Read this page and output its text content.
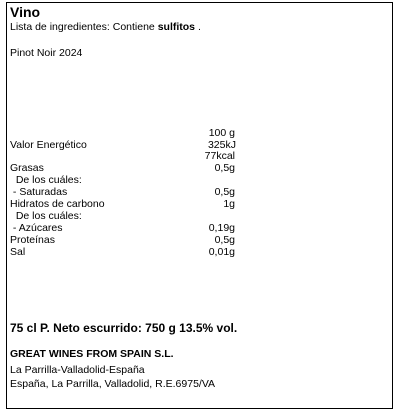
Vino
Lista de ingredientes: Contiene sulfitos .
Pinot Noir 2024
100 g
Valor Energético	325kJ
77kcal
Grasas	0,5g
De los cuáles:
- Saturadas	0,5g
Hidratos de carbono	1g
De los cuáles:
- Azúcares	0,19g
Proteínas	0,5g
Sal	0,01g
75 cl P. Neto escurrido: 750 g 13.5% vol.
GREAT WINES FROM SPAIN S.L.
La Parrilla-Valladolid-España
España, La Parrilla, Valladolid, R.E.6975/VA
